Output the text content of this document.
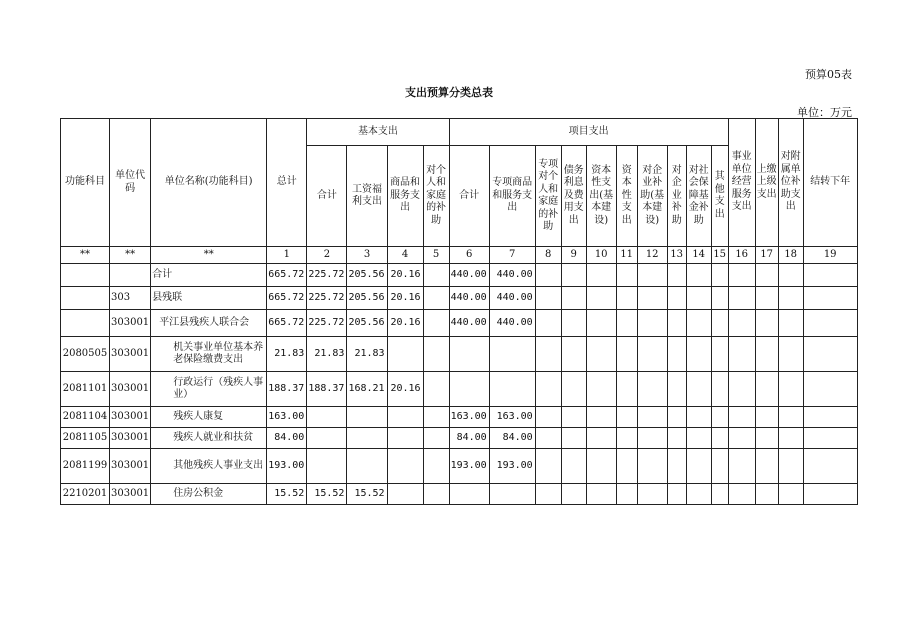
预算05表
支出预算分类总表
单位：万元
功能科目	单位代码	单位名称(功能科目)	总计	基本支出				项目支出										事业单位经营服务支出	上缴上级支出	对附属单位补助支出	结转下年
				合计	工资福利支出	商品和服务支出	对个人和家庭的补助	合计	专项商品和服务支出	专项对个人和家庭的补助	债务利息及费用支出	资本性支出(基本建设)	资本性支出	对企业补助(基本建设)	对企业补助	对社会保障基金补助	其他支出				
**	**	**	1	2	3	4	5	6	7	8	9	10	11	12	13	14	15	16	17	18	19
		合计	665.72	225.72	205.56	20.16		440.00	440.00												
	303	县残联	665.72	225.72	205.56	20.16		440.00	440.00												
	303001	平江县残疾人联合会	665.72	225.72	205.56	20.16		440.00	440.00												
2080505	303001	机关事业单位基本养老保险缴费支出	21.83	21.83	21.83																
2081101	303001	行政运行（残疾人事业）	188.37	188.37	168.21	20.16															
2081104	303001	残疾人康复	163.00					163.00	163.00												
2081105	303001	残疾人就业和扶贫	84.00					84.00	84.00												
2081199	303001	其他残疾人事业支出	193.00					193.00	193.00												
2210201	303001	住房公积金	15.52	15.52	15.52																
